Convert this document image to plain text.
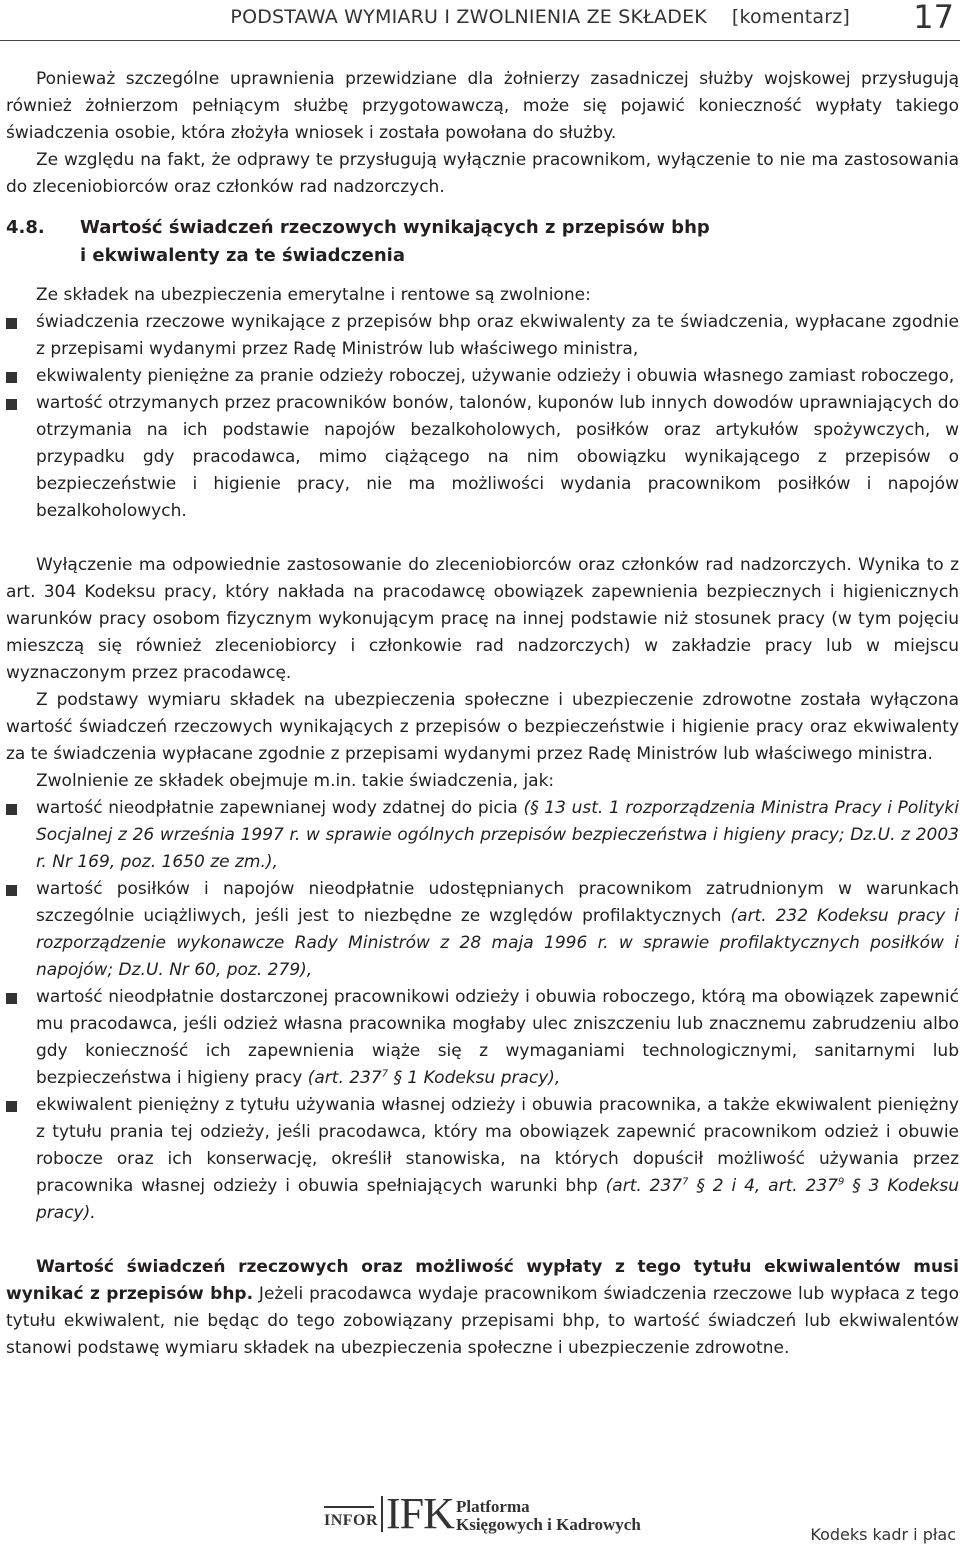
PODSTAWA WYMIARU I ZWOLNIENIA ZE SKŁADEK [komentarz] 17

Ponieważ szczególne uprawnienia przewidziane dla żołnierzy zasadniczej służby wojskowej przysługują również żołnierzom pełniącym służbę przygotowawczą, może się pojawić konieczność wypłaty takiego świadczenia osobie, która złożyła wniosek i została powołana do służby.

Ze względu na fakt, że odprawy te przysługują wyłącznie pracownikom, wyłączenie to nie ma zastosowania do zleceniobiorców oraz członków rad nadzorczych.

4.8. Wartość świadczeń rzeczowych wynikających z przepisów bhp
i ekwiwalenty za te świadczenia

Ze składek na ubezpieczenia emerytalne i rentowe są zwolnione:

świadczenia rzeczowe wynikające z przepisów bhp oraz ekwiwalenty za te świadczenia, wypłacane zgodnie z przepisami wydanymi przez Radę Ministrów lub właściwego ministra,
ekwiwalenty pieniężne za pranie odzieży roboczej, używanie odzieży i obuwia własnego zamiast roboczego,
wartość otrzymanych przez pracowników bonów, talonów, kuponów lub innych dowodów uprawniających do otrzymania na ich podstawie napojów bezalkoholowych, posiłków oraz artykułów spożywczych, w przypadku gdy pracodawca, mimo ciążącego na nim obowiązku wynikającego z przepisów o bezpieczeństwie i higienie pracy, nie ma możliwości wydania pracownikom posiłków i napojów bezalkoholowych.

Wyłączenie ma odpowiednie zastosowanie do zleceniobiorców oraz członków rad nadzorczych. Wynika to z art. 304 Kodeksu pracy, który nakłada na pracodawcę obowiązek zapewnienia bezpiecznych i higienicznych warunków pracy osobom fizycznym wykonującym pracę na innej podstawie niż stosunek pracy (w tym pojęciu mieszczą się również zleceniobiorcy i członkowie rad nadzorczych) w zakładzie pracy lub w miejscu wyznaczonym przez pracodawcę.

Z podstawy wymiaru składek na ubezpieczenia społeczne i ubezpieczenie zdrowotne została wyłączona wartość świadczeń rzeczowych wynikających z przepisów o bezpieczeństwie i higienie pracy oraz ekwiwalenty za te świadczenia wypłacane zgodnie z przepisami wydanymi przez Radę Ministrów lub właściwego ministra.

Zwolnienie ze składek obejmuje m.in. takie świadczenia, jak:

wartość nieodpłatnie zapewnianej wody zdatnej do picia (§ 13 ust. 1 rozporządzenia Ministra Pracy i Polityki Socjalnej z 26 września 1997 r. w sprawie ogólnych przepisów bezpieczeństwa i higieny pracy; Dz.U. z 2003 r. Nr 169, poz. 1650 ze zm.),
wartość posiłków i napojów nieodpłatnie udostępnianych pracownikom zatrudnionym w warunkach szczególnie uciążliwych, jeśli jest to niezbędne ze względów profilaktycznych (art. 232 Kodeksu pracy i rozporządzenie wykonawcze Rady Ministrów z 28 maja 1996 r. w sprawie profilaktycznych posiłków i napojów; Dz.U. Nr 60, poz. 279),
wartość nieodpłatnie dostarczonej pracownikowi odzieży i obuwia roboczego, którą ma obowiązek zapewnić mu pracodawca, jeśli odzież własna pracownika mogłaby ulec zniszczeniu lub znacznemu zabrudzeniu albo gdy konieczność ich zapewnienia wiąże się z wymaganiami technologicznymi, sanitarnymi lub bezpieczeństwa i higieny pracy (art. $237^7$ § 1 Kodeksu pracy),
ekwiwalent pieniężny z tytułu używania własnej odzieży i obuwia pracownika, a także ekwiwalent pieniężny z tytułu prania tej odzieży, jeśli pracodawca, który ma obowiązek zapewnić pracownikom odzież i obuwie robocze oraz ich konserwację, określił stanowiska, na których dopuścił możliwość używania przez pracownika własnej odzieży i obuwia spełniających warunki bhp (art. $237^7$ § 2 i 4, art. $237^9$ § 3 Kodeksu pracy).

Wartość świadczeń rzeczowych oraz możliwość wypłaty z tego tytułu ekwiwalentów musi wynikać z przepisów bhp. Jeżeli pracodawca wydaje pracownikom świadczenia rzeczowe lub wypłaca z tego tytułu ekwiwalent, nie będąc do tego zobowiązany przepisami bhp, to wartość świadczeń lub ekwiwalentów stanowi podstawę wymiaru składek na ubezpieczenia społeczne i ubezpieczenie zdrowotne.

INFOR IFK Platforma
Księgowych i Kadrowych
Kodeks kadr i płac
